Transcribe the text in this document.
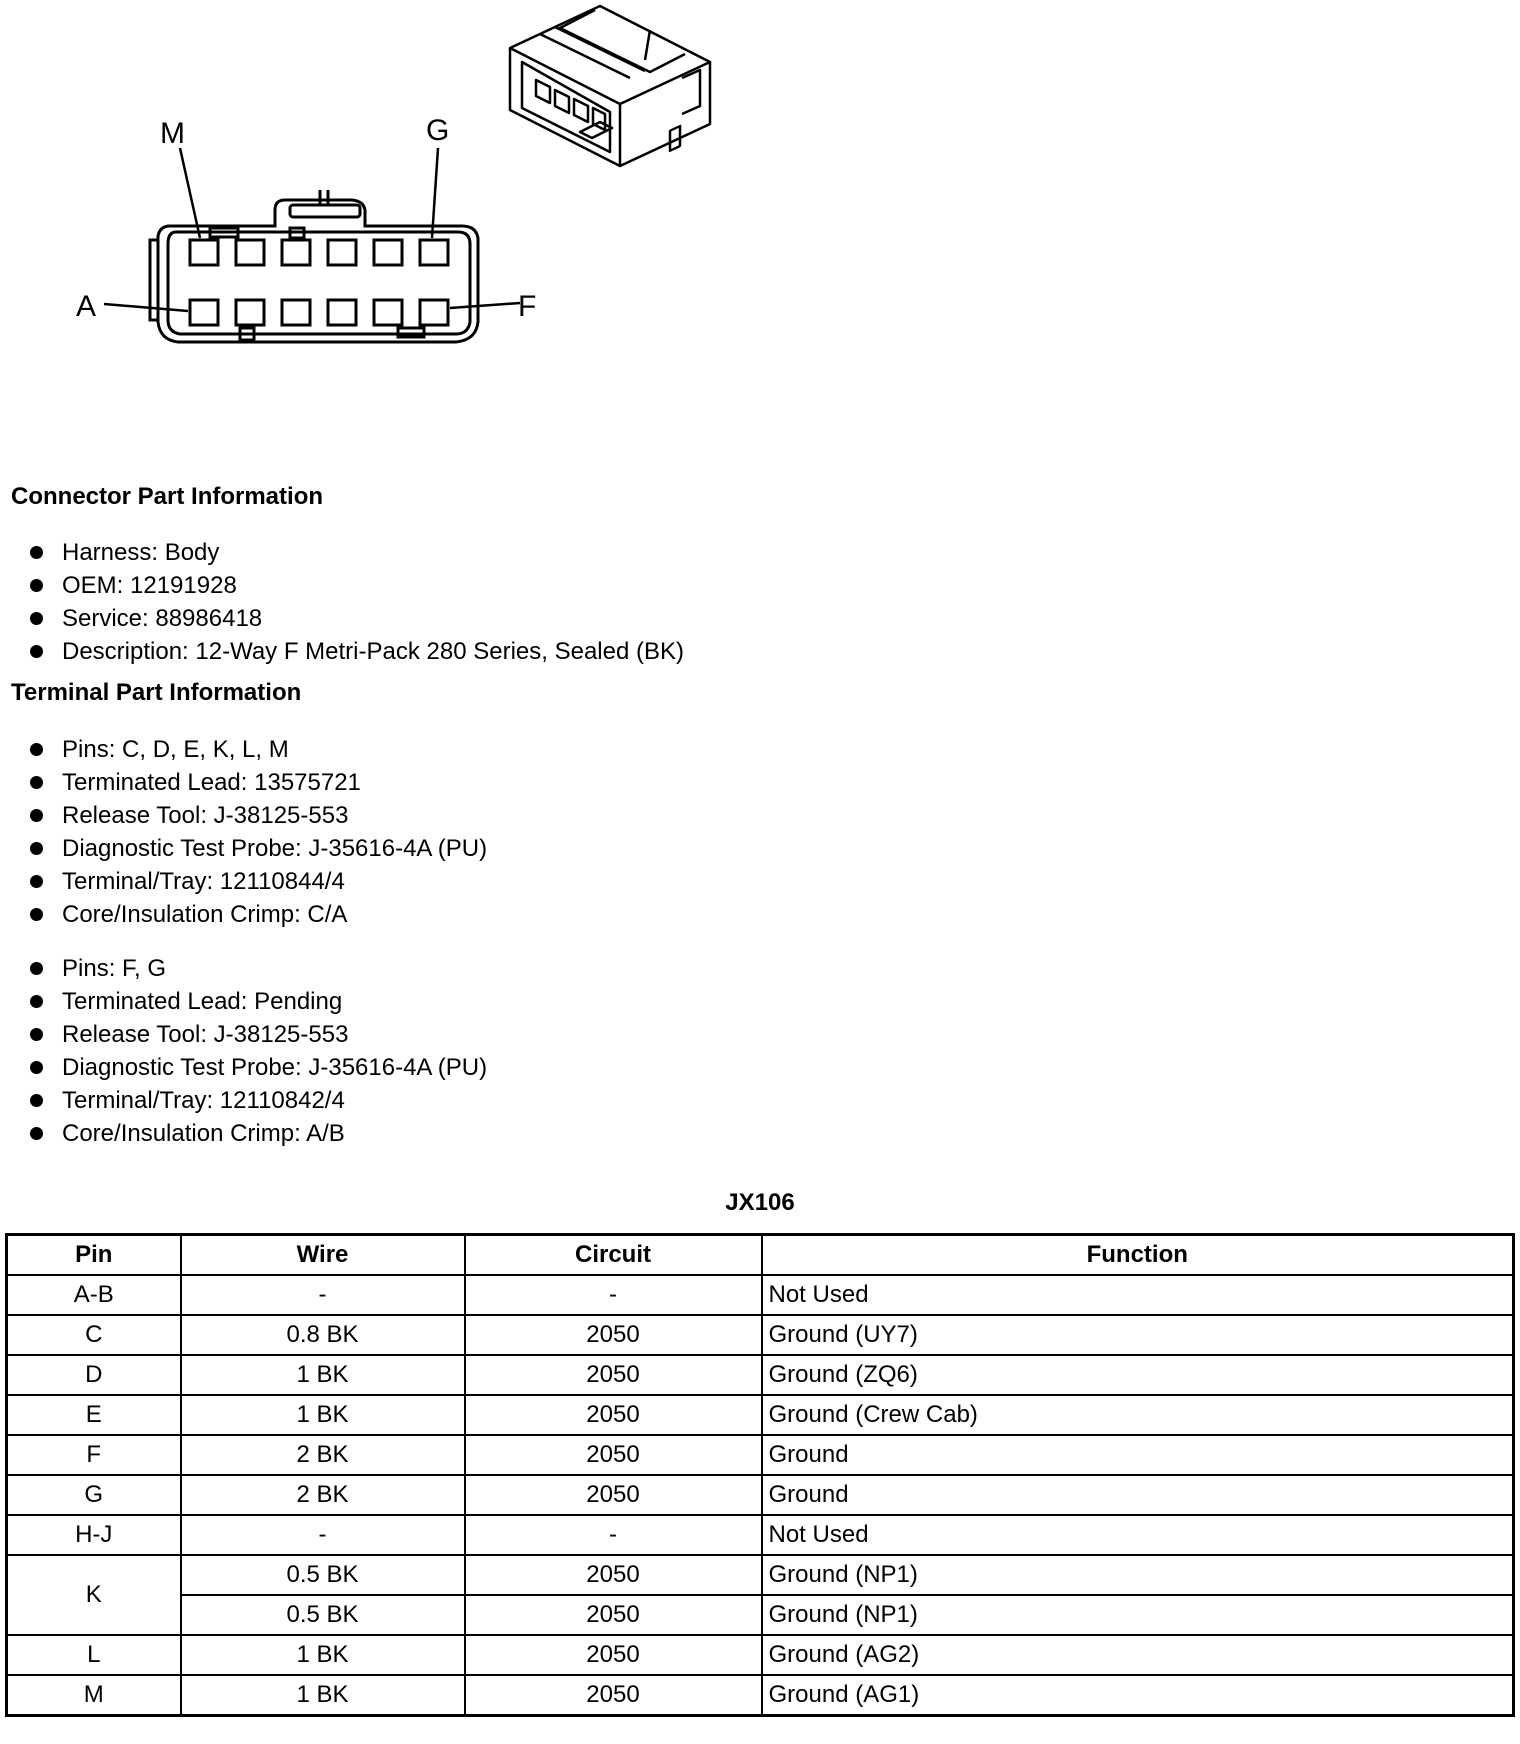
M	G
A	F
Connector Part Information
Harness: Body
OEM: 12191928
Service: 88986418
Description: 12-Way F Metri-Pack 280 Series, Sealed (BK)
Terminal Part Information
Pins: C, D, E, K, L, M
Terminated Lead: 13575721
Release Tool: J-38125-553
Diagnostic Test Probe: J-35616-4A (PU)
Terminal/Tray: 12110844/4
Core/Insulation Crimp: C/A
Pins: F, G
Terminated Lead: Pending
Release Tool: J-38125-553
Diagnostic Test Probe: J-35616-4A (PU)
Terminal/Tray: 12110842/4
Core/Insulation Crimp: A/B
JX106
Pin	Wire	Circuit	Function
A-B	-	-	Not Used
C	0.8 BK	2050	Ground (UY7)
D	1 BK	2050	Ground (ZQ6)
E	1 BK	2050	Ground (Crew Cab)
F	2 BK	2050	Ground
G	2 BK	2050	Ground
H-J	-	-	Not Used
K	0.5 BK	2050	Ground (NP1)
	0.5 BK	2050	Ground (NP1)
L	1 BK	2050	Ground (AG2)
M	1 BK	2050	Ground (AG1)
